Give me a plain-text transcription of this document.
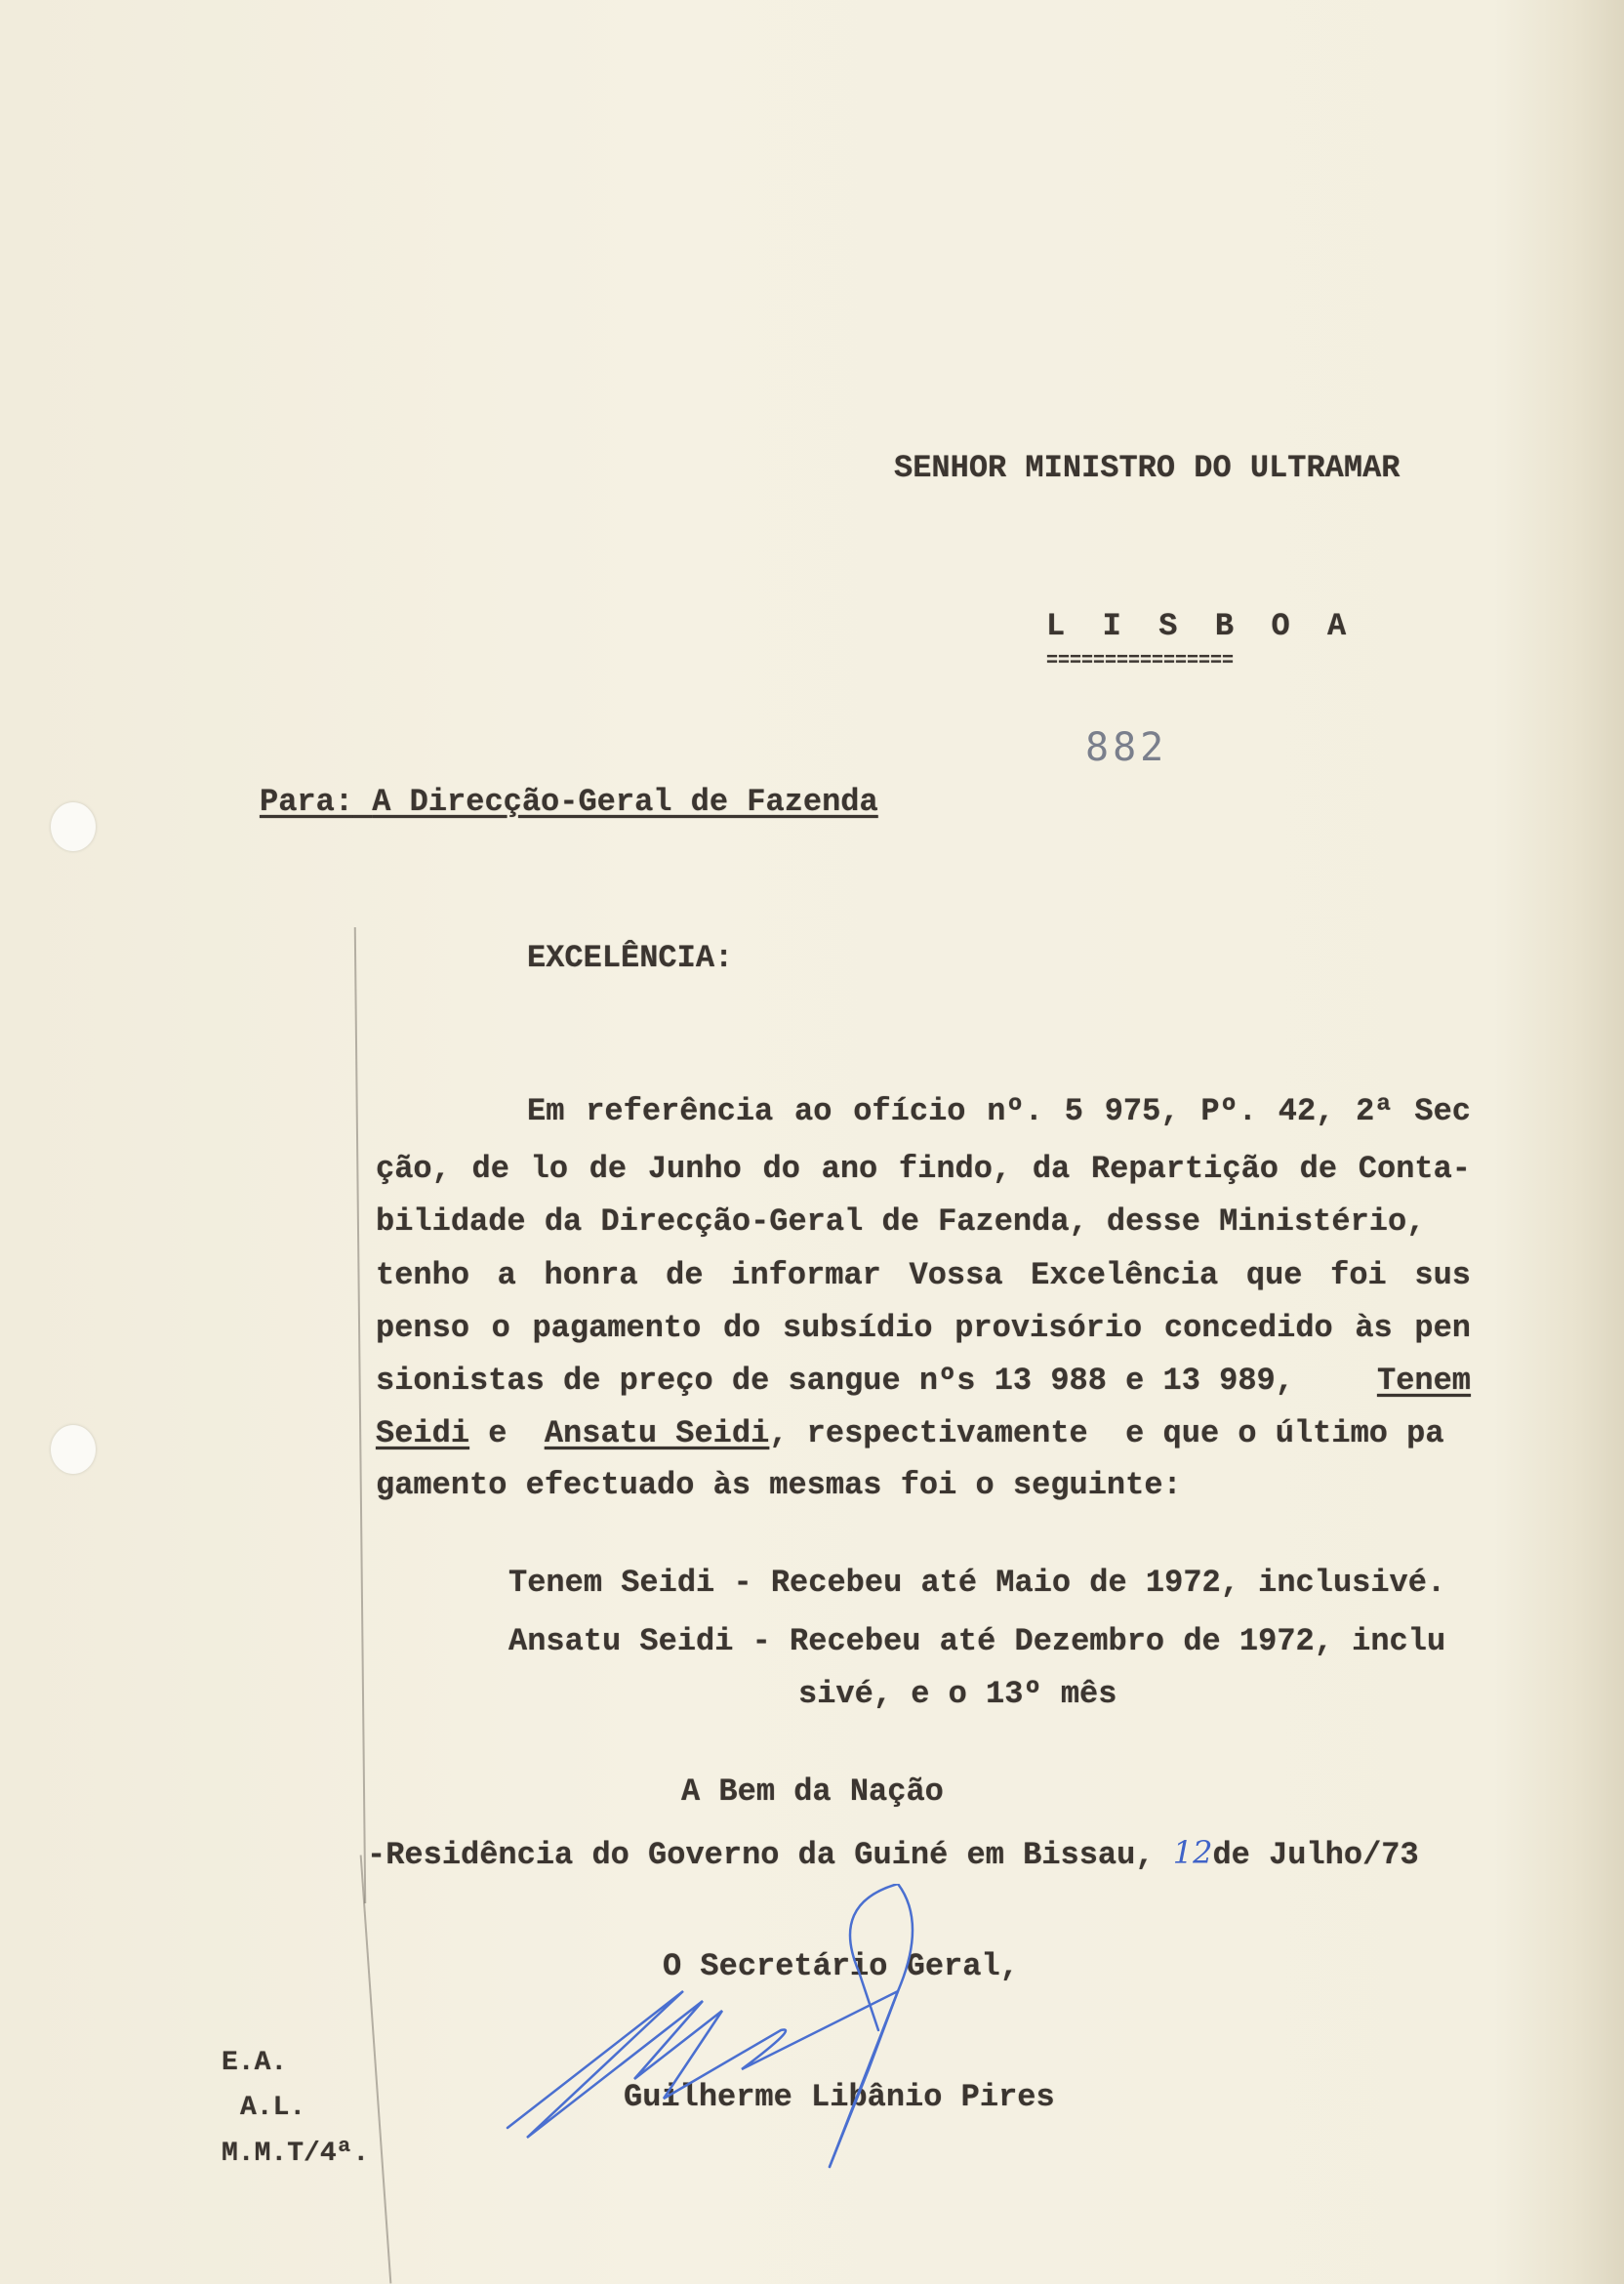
SENHOR MINISTRO DO ULTRAMAR
L  I  S  B  O  A
================
882
Para: A Direcção-Geral de Fazenda
EXCELÊNCIA:
Em referência ao ofício nº. 5 975, Pº. 42, 2ª Sec
ção, de lo de Junho do ano findo, da Repartição de Conta-
bilidade da Direcção-Geral de Fazenda, desse Ministério,
tenho a honra de informar Vossa Excelência que foi sus
penso o pagamento do subsídio provisório concedido às pen
sionistas de preço de sangue nºs 13 988 e 13 989,	Tenem
Seidi e Ansatu Seidi, respectivamente  e que o último pa
gamento efectuado às mesmas foi o seguinte:
Tenem Seidi - Recebeu até Maio de 1972, inclusivé.
Ansatu Seidi - Recebeu até Dezembro de 1972, inclu
sivé, e o 13º mês
A Bem da Nação
-Residência do Governo da Guiné em Bissau, 12de Julho/73
O Secretário Geral,
Guilherme Libânio Pires
E.A.
A.L.
M.M.T/4ª.
